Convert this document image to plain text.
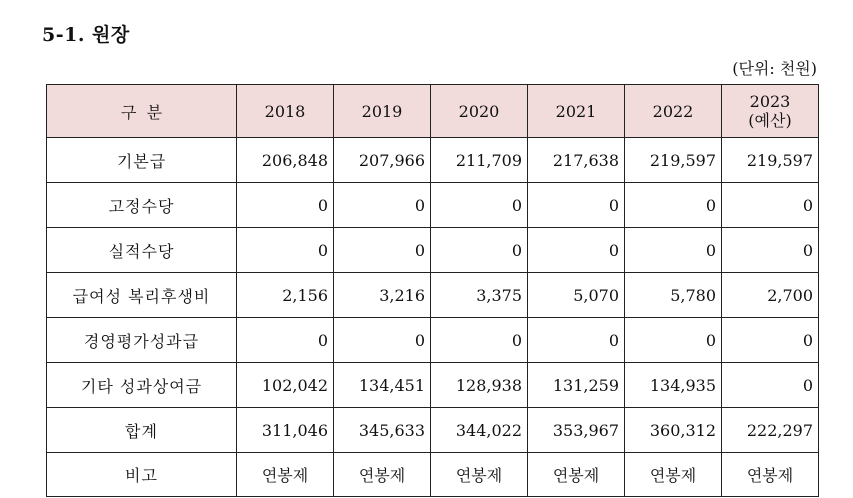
5-1. 원장
(단위: 천원)
구  분	2018	2019	2020	2021	2022	2023
(예산)

기본급	206,848	207,966	211,709	217,638	219,597	219,597
고정수당	0	0	0	0	0	0
실적수당	0	0	0	0	0	0
급여성 복리후생비	2,156	3,216	3,375	5,070	5,780	2,700
경영평가성과급	0	0	0	0	0	0
기타 성과상여금	102,042	134,451	128,938	131,259	134,935	0
합계	311,046	345,633	344,022	353,967	360,312	222,297
비고	연봉제	연봉제	연봉제	연봉제	연봉제	연봉제
